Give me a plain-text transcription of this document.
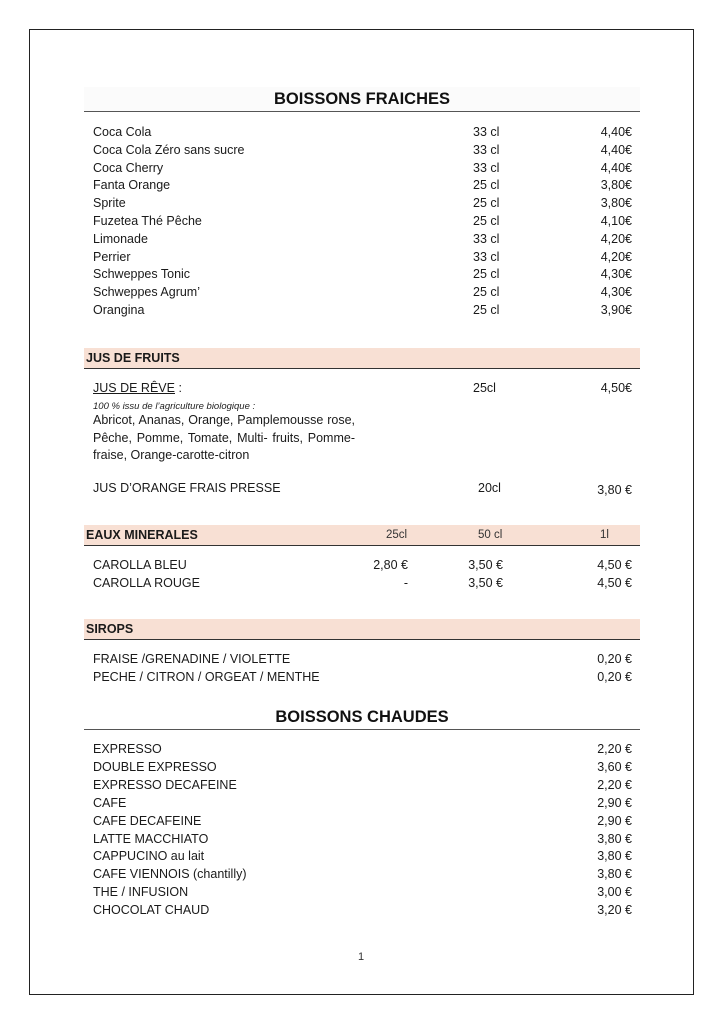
BOISSONS FRAICHES
Coca Cola	33 cl	4,40€
Coca Cola Zéro sans sucre	33 cl	4,40€
Coca Cherry	33 cl	4,40€
Fanta Orange	25 cl	3,80€
Sprite	25 cl	3,80€
Fuzetea Thé Pêche	25 cl	4,10€
Limonade	33 cl	4,20€
Perrier	33 cl	4,20€
Schweppes Tonic	25 cl	4,30€
Schweppes Agrum’	25 cl	4,30€
Orangina	25 cl	3,90€
JUS DE FRUITS
JUS DE RÊVE :	25cl	4,50€
100 % issu de l’agriculture biologique :
Abricot, Ananas, Orange, Pamplemousse rose, Pêche, Pomme, Tomate, Multi- fruits, Pomme-fraise, Orange-carotte-citron
JUS D’ORANGE FRAIS PRESSE	20cl	3,80 €
EAUX MINERALES	25cl	50 cl	1l
CAROLLA BLEU	2,80 €	3,50 €	4,50 €
CAROLLA ROUGE	-	3,50 €	4,50 €
SIROPS
FRAISE /GRENADINE / VIOLETTE	0,20 €
PECHE / CITRON / ORGEAT / MENTHE	0,20 €
BOISSONS CHAUDES
EXPRESSO	2,20 €
DOUBLE EXPRESSO	3,60 €
EXPRESSO DECAFEINE	2,20 €
CAFE	2,90 €
CAFE DECAFEINE	2,90 €
LATTE MACCHIATO	3,80 €
CAPPUCINO au lait	3,80 €
CAFE VIENNOIS (chantilly)	3,80 €
THE / INFUSION	3,00 €
CHOCOLAT CHAUD	3,20 €
1
